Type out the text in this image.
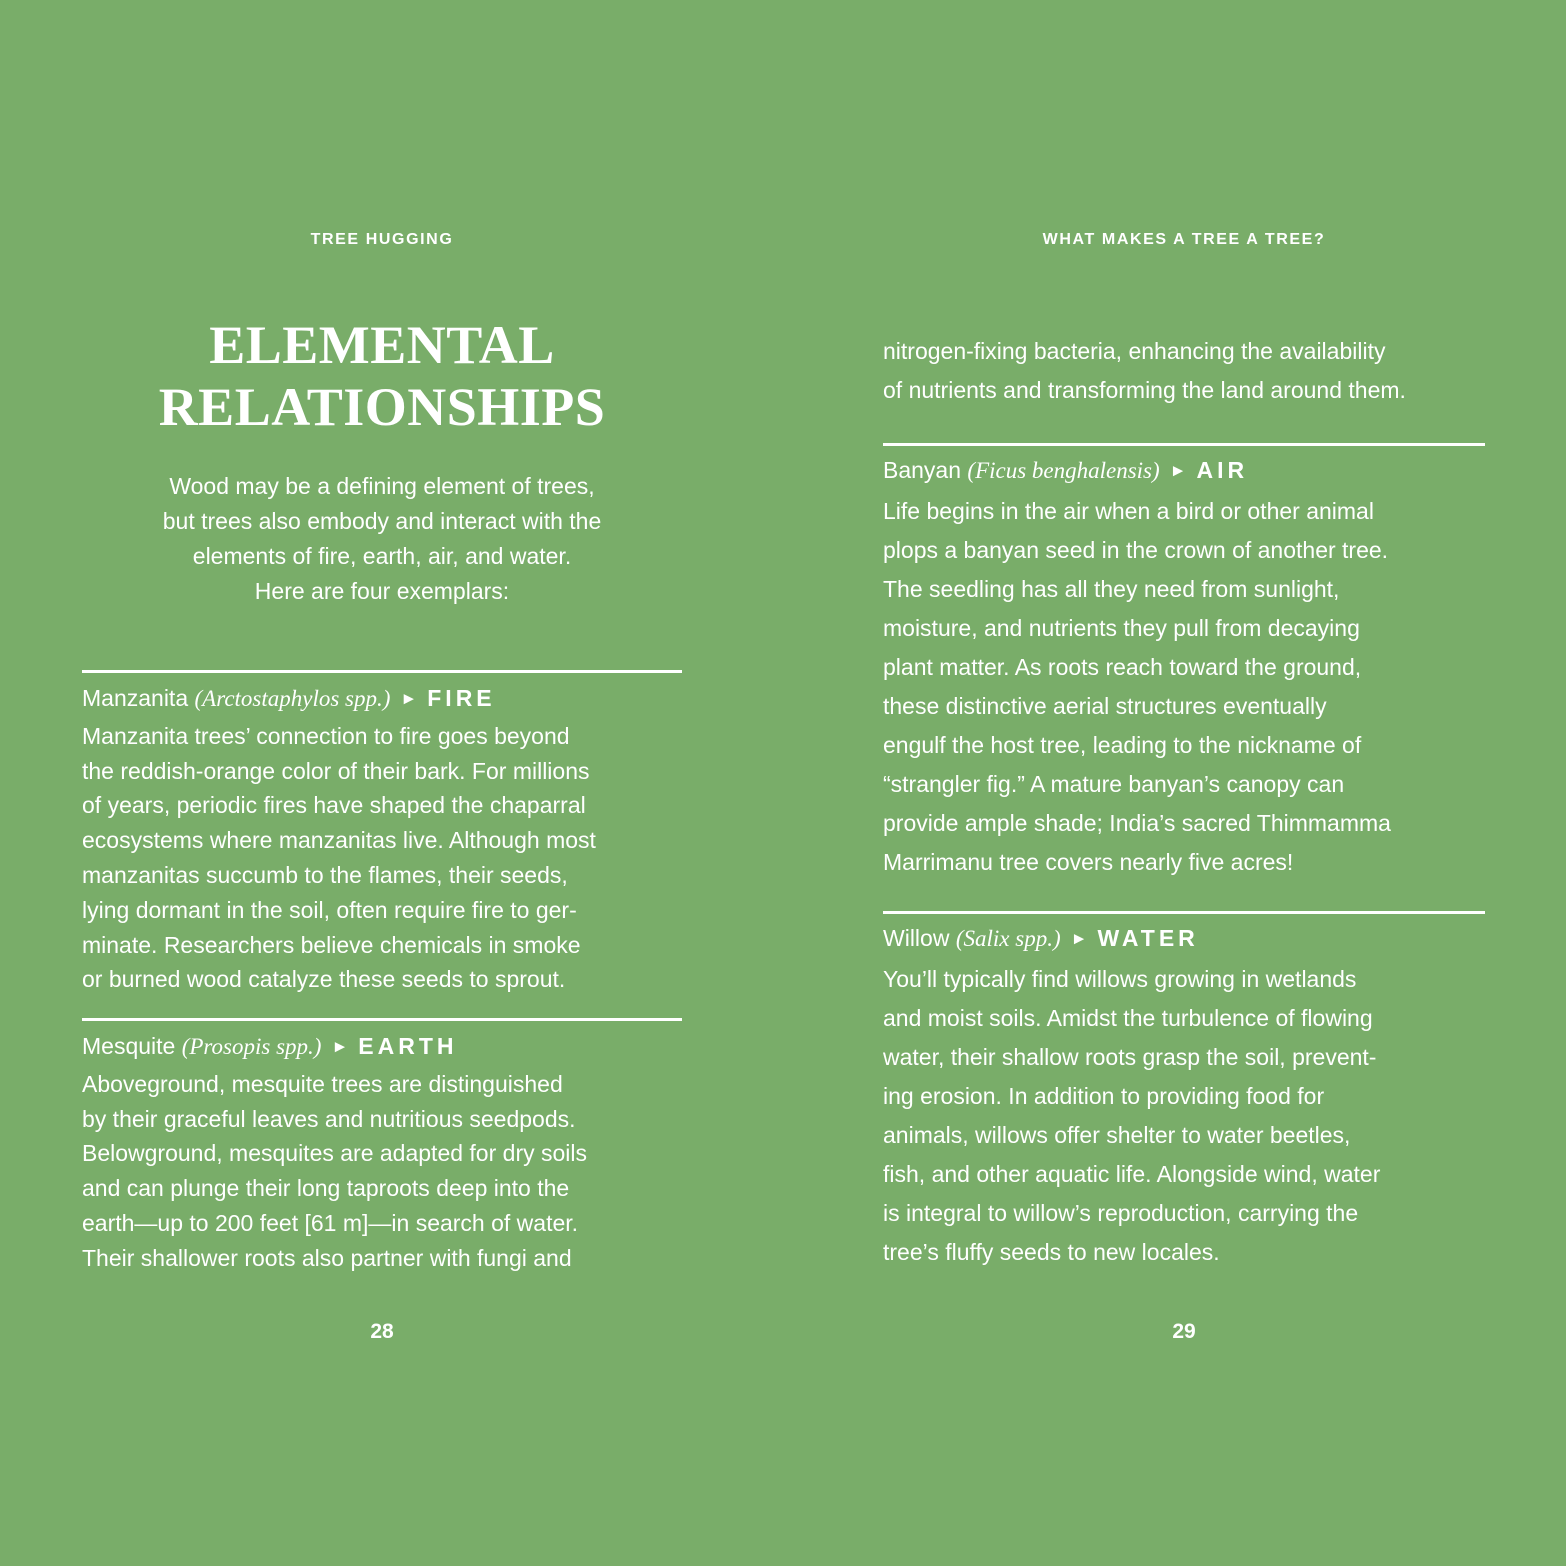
TREE HUGGING
ELEMENTAL
RELATIONSHIPS
Wood may be a defining element of trees,
but trees also embody and interact with the
elements of fire, earth, air, and water.
Here are four exemplars:
Manzanita (Arctostaphylos spp.) ► FIRE
Manzanita trees’ connection to fire goes beyond
the reddish-orange color of their bark. For millions
of years, periodic fires have shaped the chaparral
ecosystems where manzanitas live. Although most
manzanitas succumb to the flames, their seeds,
lying dormant in the soil, often require fire to ger-
minate. Researchers believe chemicals in smoke
or burned wood catalyze these seeds to sprout.
Mesquite (Prosopis spp.) ► EARTH
Aboveground, mesquite trees are distinguished
by their graceful leaves and nutritious seedpods.
Belowground, mesquites are adapted for dry soils
and can plunge their long taproots deep into the
earth—up to 200 feet [61 m]—in search of water.
Their shallower roots also partner with fungi and
28
WHAT MAKES A TREE A TREE?
nitrogen-fixing bacteria, enhancing the availability
of nutrients and transforming the land around them.
Banyan (Ficus benghalensis) ► AIR
Life begins in the air when a bird or other animal
plops a banyan seed in the crown of another tree.
The seedling has all they need from sunlight,
moisture, and nutrients they pull from decaying
plant matter. As roots reach toward the ground,
these distinctive aerial structures eventually
engulf the host tree, leading to the nickname of
“strangler fig.” A mature banyan’s canopy can
provide ample shade; India’s sacred Thimmamma
Marrimanu tree covers nearly five acres!
Willow (Salix spp.) ► WATER
You’ll typically find willows growing in wetlands
and moist soils. Amidst the turbulence of flowing
water, their shallow roots grasp the soil, prevent-
ing erosion. In addition to providing food for
animals, willows offer shelter to water beetles,
fish, and other aquatic life. Alongside wind, water
is integral to willow’s reproduction, carrying the
tree’s fluffy seeds to new locales.
29
